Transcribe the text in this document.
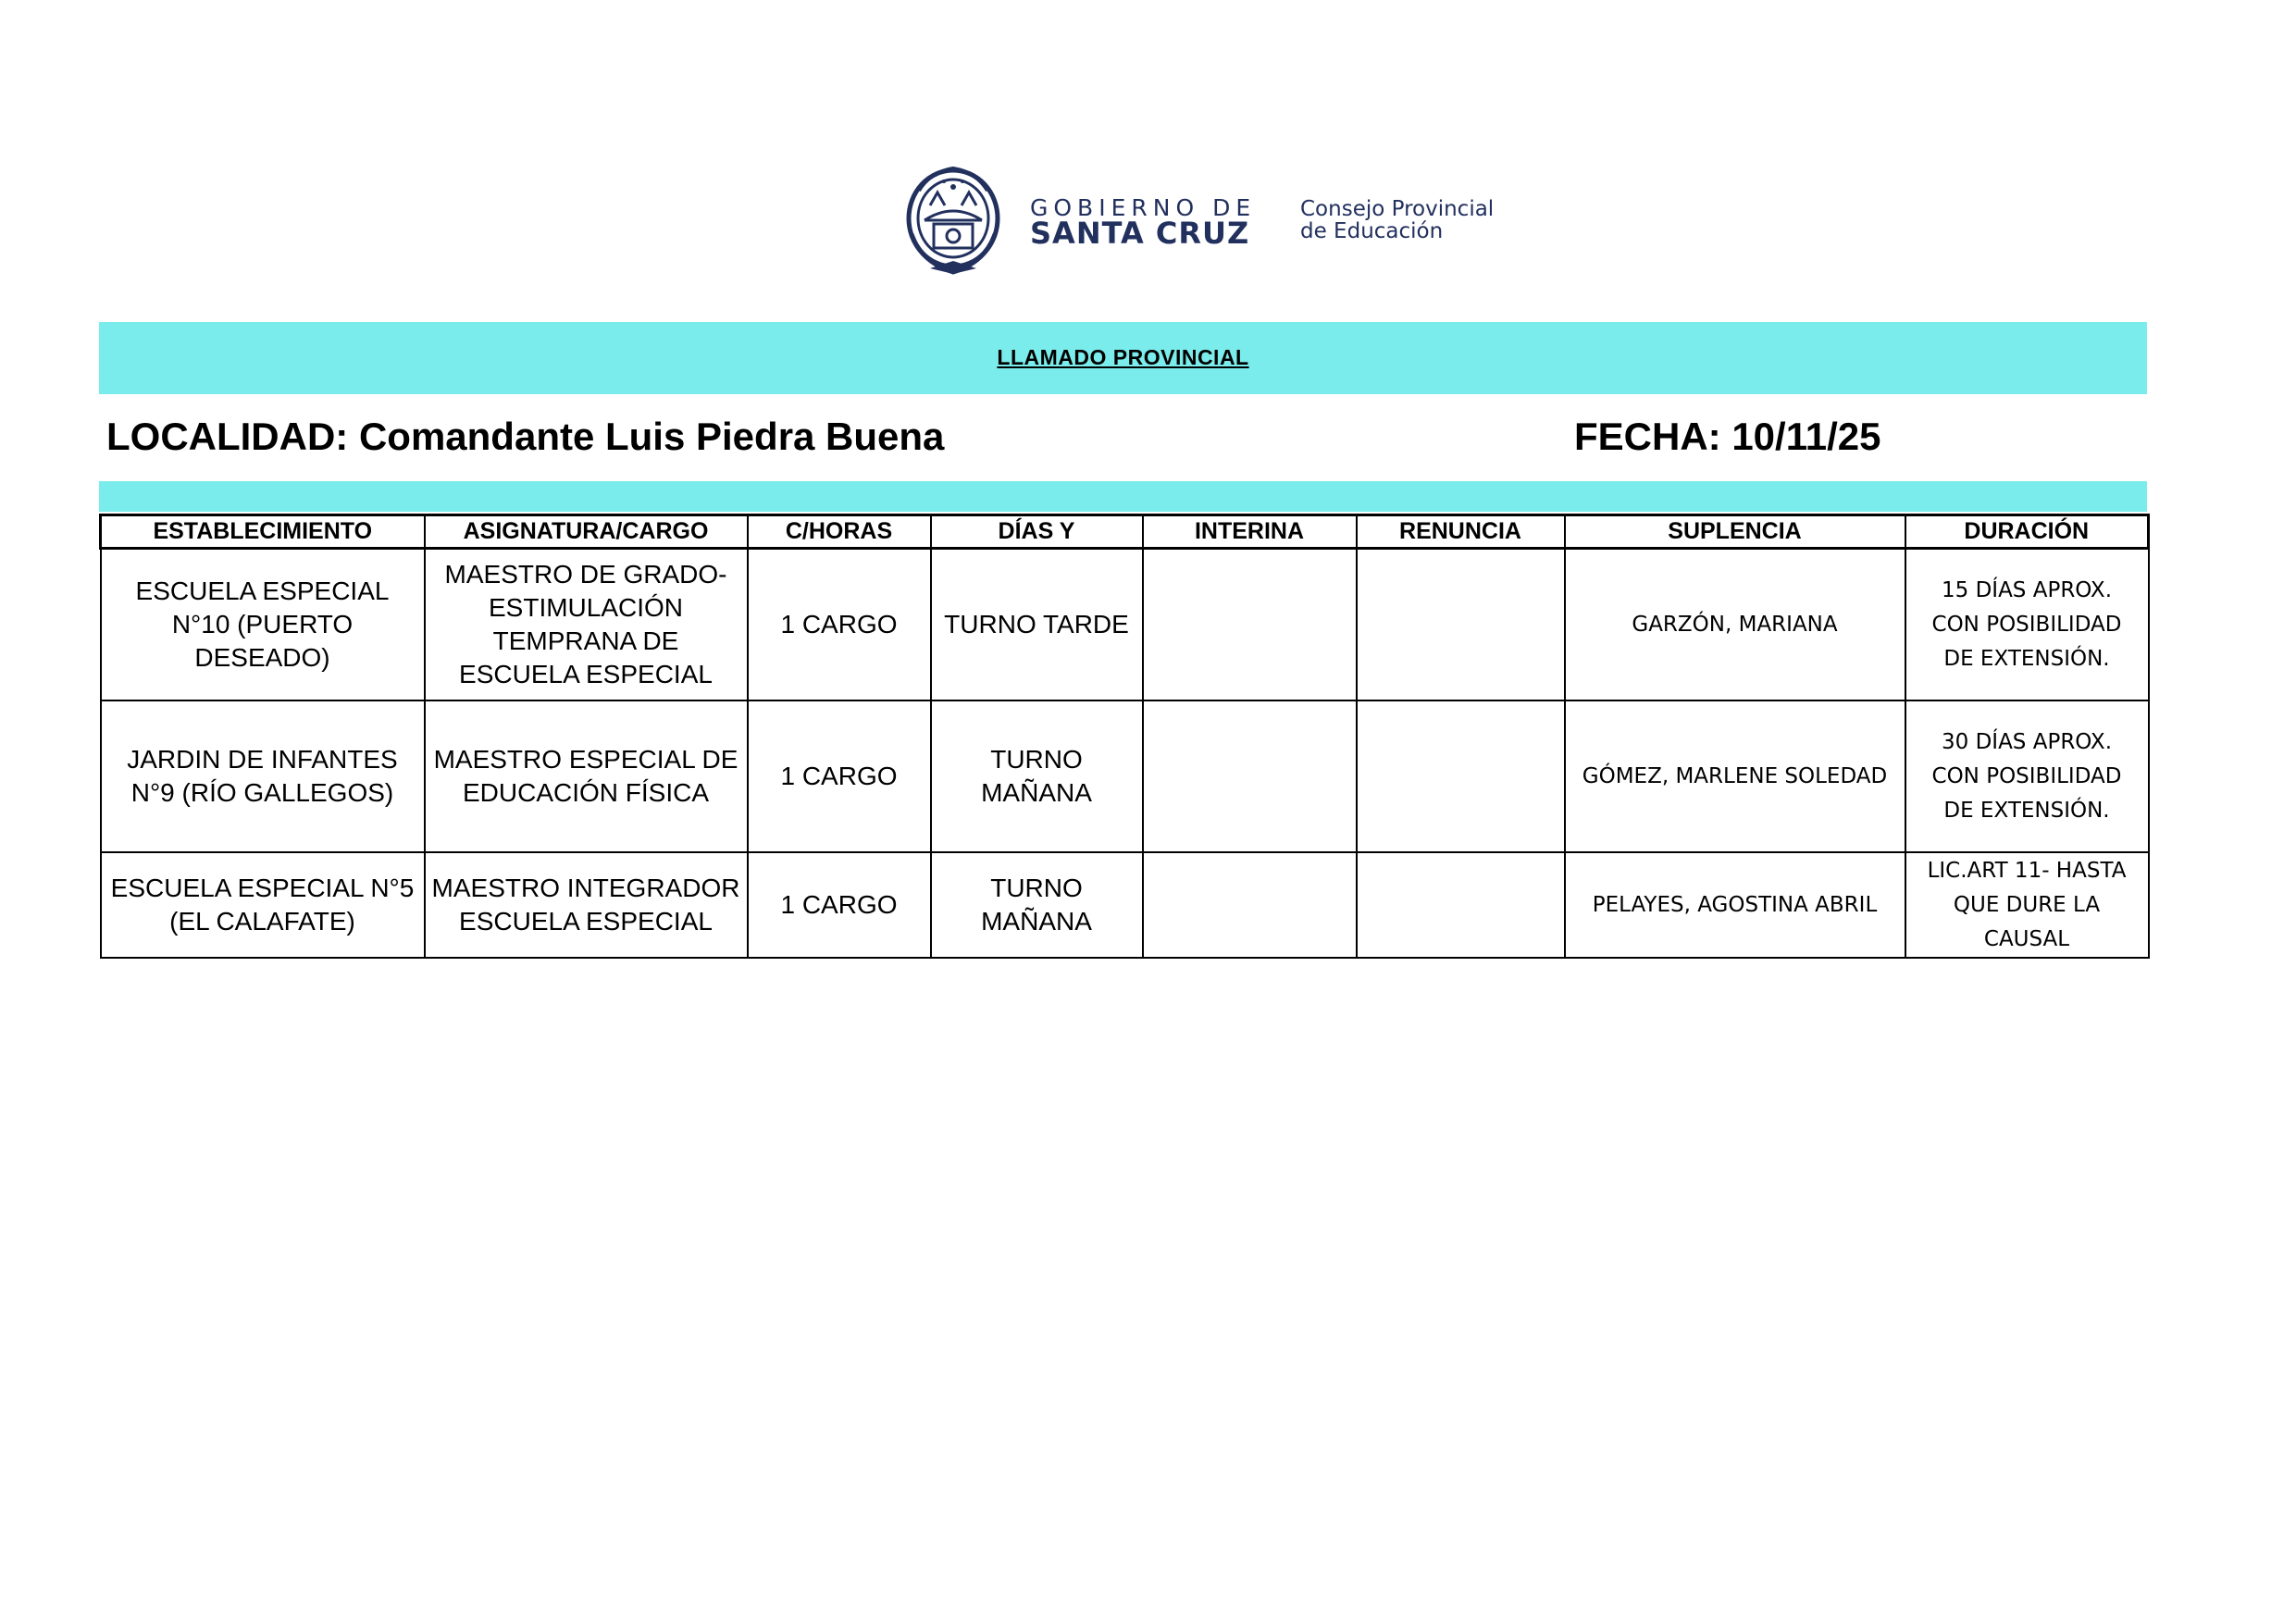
GOBIERNO DE
SANTA CRUZ
Consejo Provincial
de Educación
LLAMADO PROVINCIAL
LOCALIDAD: Comandante Luis Piedra Buena	FECHA: 10/11/25
ESTABLECIMIENTO	ASIGNATURA/CARGO	C/HORAS	DÍAS Y	INTERINA	RENUNCIA	SUPLENCIA	DURACIÓN
ESCUELA ESPECIAL N°10 (PUERTO DESEADO)	MAESTRO DE GRADO- ESTIMULACIÓN TEMPRANA DE ESCUELA ESPECIAL	1 CARGO	TURNO TARDE			GARZÓN, MARIANA	15 DÍAS APROX.
CON POSIBILIDAD
DE EXTENSIÓN.
JARDIN DE INFANTES N°9 (RÍO GALLEGOS)	MAESTRO ESPECIAL DE EDUCACIÓN FÍSICA	1 CARGO	TURNO MAÑANA			GÓMEZ, MARLENE SOLEDAD	30 DÍAS APROX.
CON POSIBILIDAD
DE EXTENSIÓN.
ESCUELA ESPECIAL N°5 (EL CALAFATE)	MAESTRO INTEGRADOR ESCUELA ESPECIAL	1 CARGO	TURNO MAÑANA			PELAYES, AGOSTINA ABRIL	LIC.ART 11- HASTA
QUE DURE LA
CAUSAL
